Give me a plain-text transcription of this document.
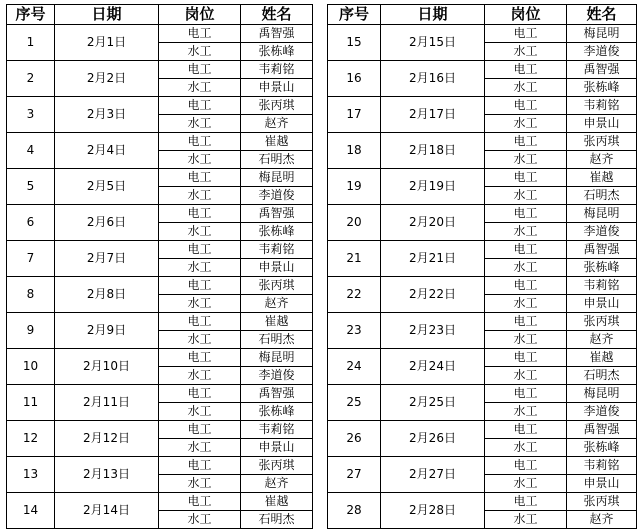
序号	日期	岗位	姓名
1	2月1日	电工	禹智强
		水工	张栋峰
2	2月2日	电工	韦莉铭
		水工	申景山
3	2月3日	电工	张丙琪
		水工	赵齐
4	2月4日	电工	崔越
		水工	石明杰
5	2月5日	电工	梅昆明
		水工	李道俊
6	2月6日	电工	禹智强
		水工	张栋峰
7	2月7日	电工	韦莉铭
		水工	申景山
8	2月8日	电工	张丙琪
		水工	赵齐
9	2月9日	电工	崔越
		水工	石明杰
10	2月10日	电工	梅昆明
		水工	李道俊
11	2月11日	电工	禹智强
		水工	张栋峰
12	2月12日	电工	韦莉铭
		水工	申景山
13	2月13日	电工	张丙琪
		水工	赵齐
14	2月14日	电工	崔越
		水工	石明杰
序号	日期	岗位	姓名
15	2月15日	电工	梅昆明
		水工	李道俊
16	2月16日	电工	禹智强
		水工	张栋峰
17	2月17日	电工	韦莉铭
		水工	申景山
18	2月18日	电工	张丙琪
		水工	赵齐
19	2月19日	电工	崔越
		水工	石明杰
20	2月20日	电工	梅昆明
		水工	李道俊
21	2月21日	电工	禹智强
		水工	张栋峰
22	2月22日	电工	韦莉铭
		水工	申景山
23	2月23日	电工	张丙琪
		水工	赵齐
24	2月24日	电工	崔越
		水工	石明杰
25	2月25日	电工	梅昆明
		水工	李道俊
26	2月26日	电工	禹智强
		水工	张栋峰
27	2月27日	电工	韦莉铭
		水工	申景山
28	2月28日	电工	张丙琪
		水工	赵齐
